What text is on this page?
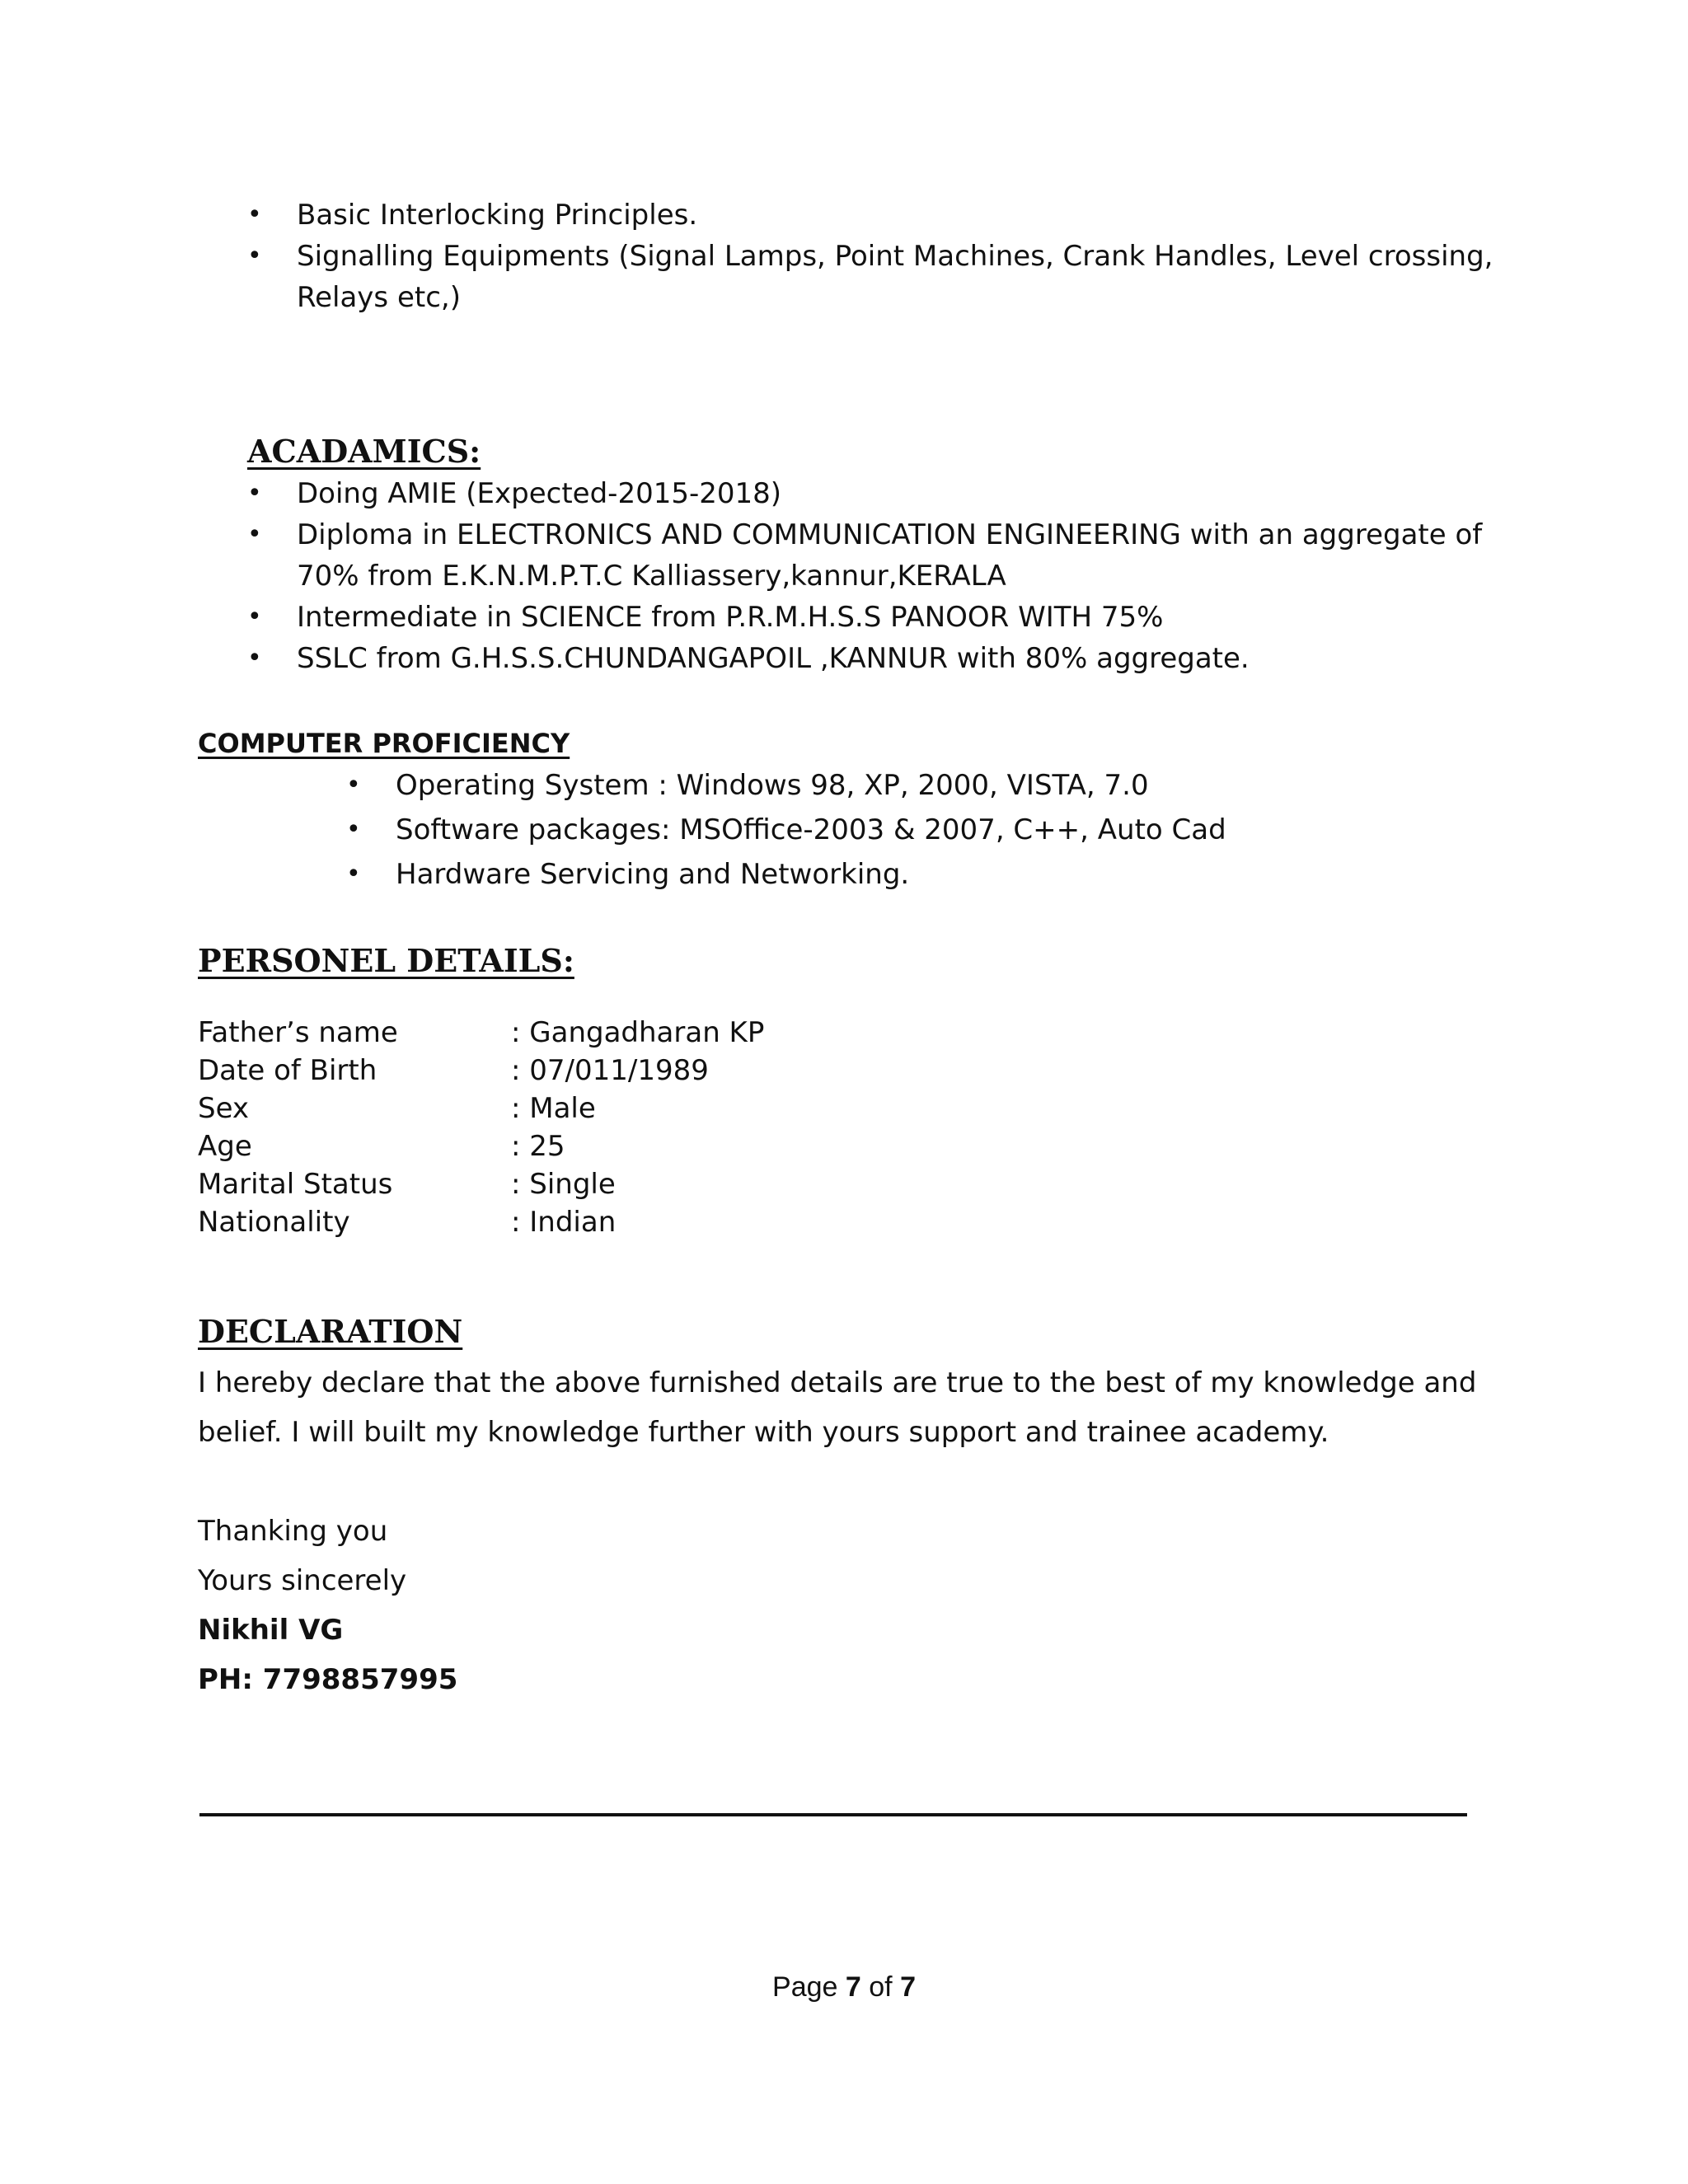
• Basic Interlocking Principles.
• Signalling Equipments (Signal Lamps, Point Machines, Crank Handles, Level crossing, Relays etc,)
ACADAMICS:
• Doing AMIE (Expected-2015-2018)
• Diploma in ELECTRONICS AND COMMUNICATION ENGINEERING with an aggregate of 70% from E.K.N.M.P.T.C Kalliassery,kannur,KERALA
• Intermediate in SCIENCE from P.R.M.H.S.S PANOOR WITH 75%
• SSLC from G.H.S.S.CHUNDANGAPOIL ,KANNUR with 80% aggregate.
COMPUTER PROFICIENCY
• Operating System : Windows 98, XP, 2000, VISTA, 7.0
• Software packages: MSOffice-2003 & 2007, C++, Auto Cad
• Hardware Servicing and Networking.
PERSONEL DETAILS:
Father’s name	: Gangadharan KP
Date of Birth	: 07/011/1989
Sex	: Male
Age	: 25
Marital Status	: Single
Nationality	: Indian
DECLARATION
I hereby declare that the above furnished details are true to the best of my knowledge and
belief. I will built my knowledge further with yours support and trainee academy.
Thanking you
Yours sincerely
Nikhil VG
PH: 7798857995
Page 7 of 7
